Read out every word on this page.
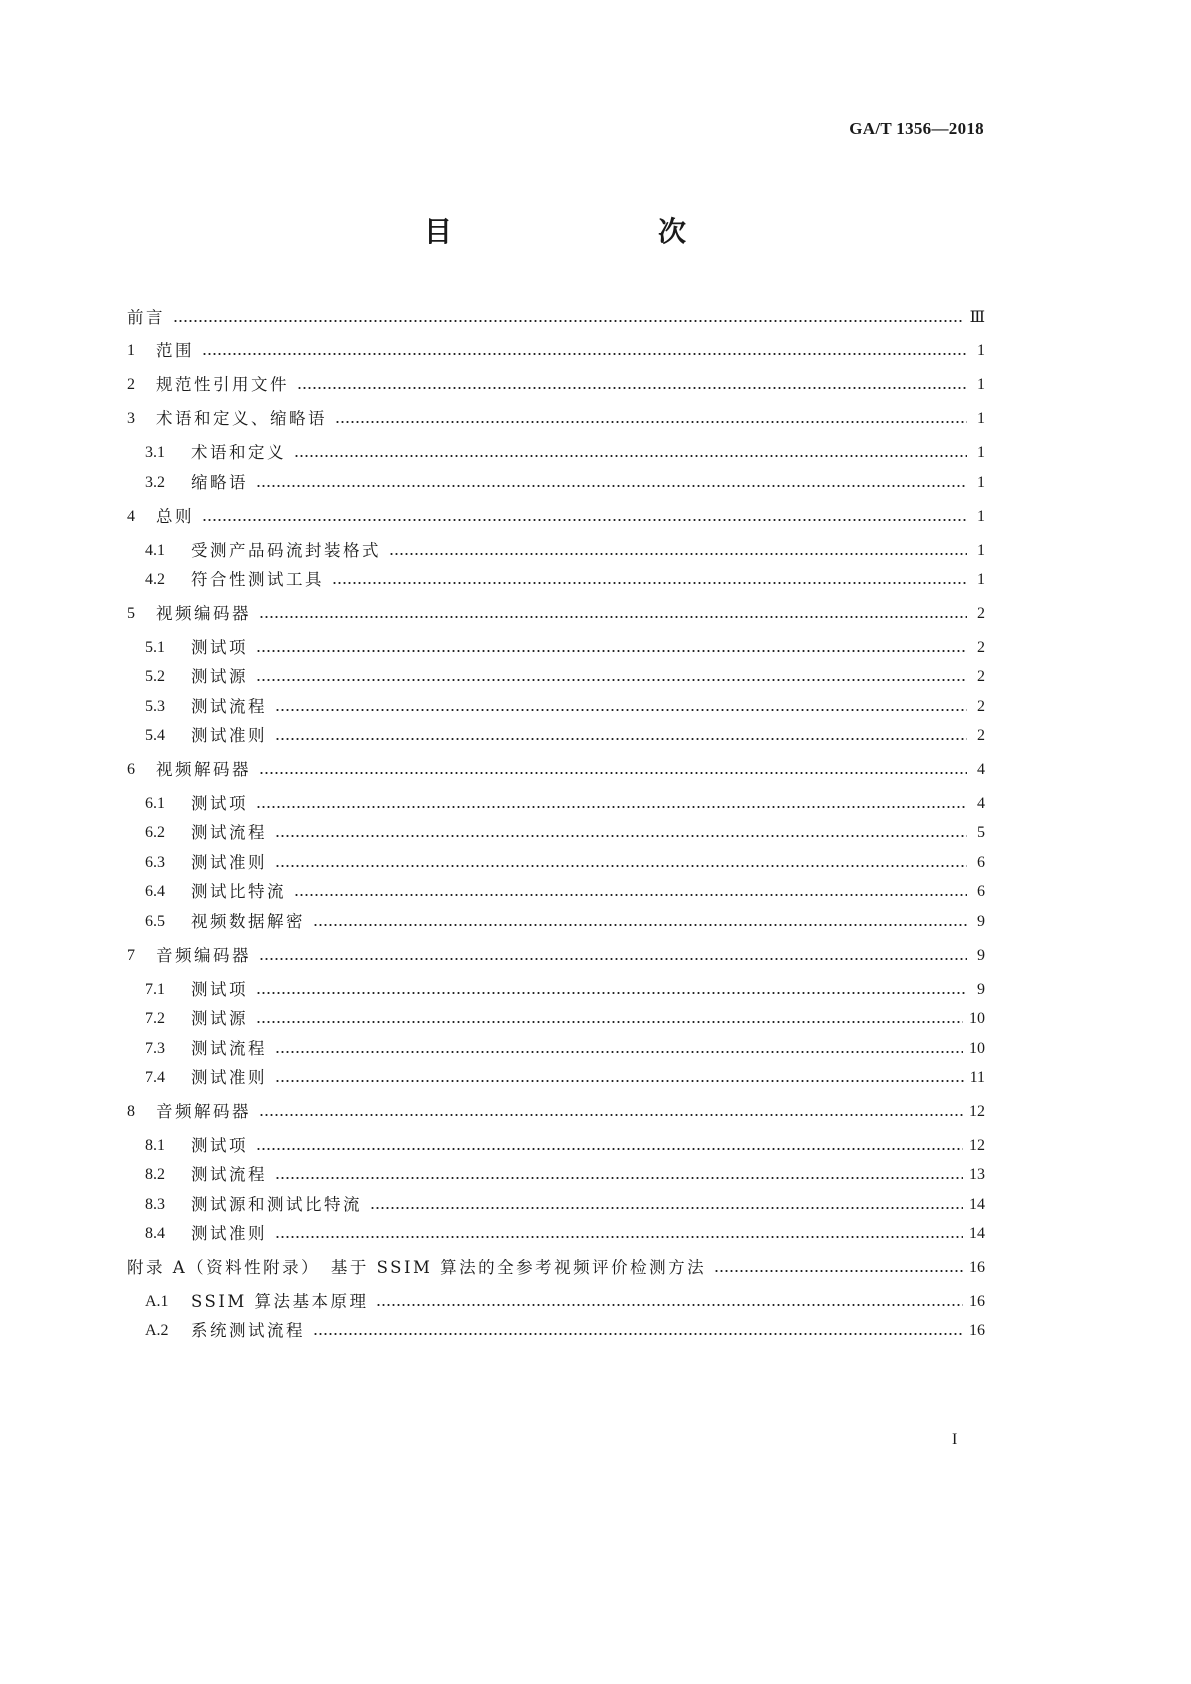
GA/T 1356—2018
目　　次
前言	Ⅲ
1	范围	1
2	规范性引用文件	1
3	术语和定义、缩略语	1
3.1	术语和定义	1
3.2	缩略语	1
4	总则	1
4.1	受测产品码流封装格式	1
4.2	符合性测试工具	1
5	视频编码器	2
5.1	测试项	2
5.2	测试源	2
5.3	测试流程	2
5.4	测试准则	2
6	视频解码器	4
6.1	测试项	4
6.2	测试流程	5
6.3	测试准则	6
6.4	测试比特流	6
6.5	视频数据解密	9
7	音频编码器	9
7.1	测试项	9
7.2	测试源	10
7.3	测试流程	10
7.4	测试准则	11
8	音频解码器	12
8.1	测试项	12
8.2	测试流程	13
8.3	测试源和测试比特流	14
8.4	测试准则	14
附录 A（资料性附录）　基于 SSIM 算法的全参考视频评价检测方法	16
A.1	SSIM 算法基本原理	16
A.2	系统测试流程	16
I
